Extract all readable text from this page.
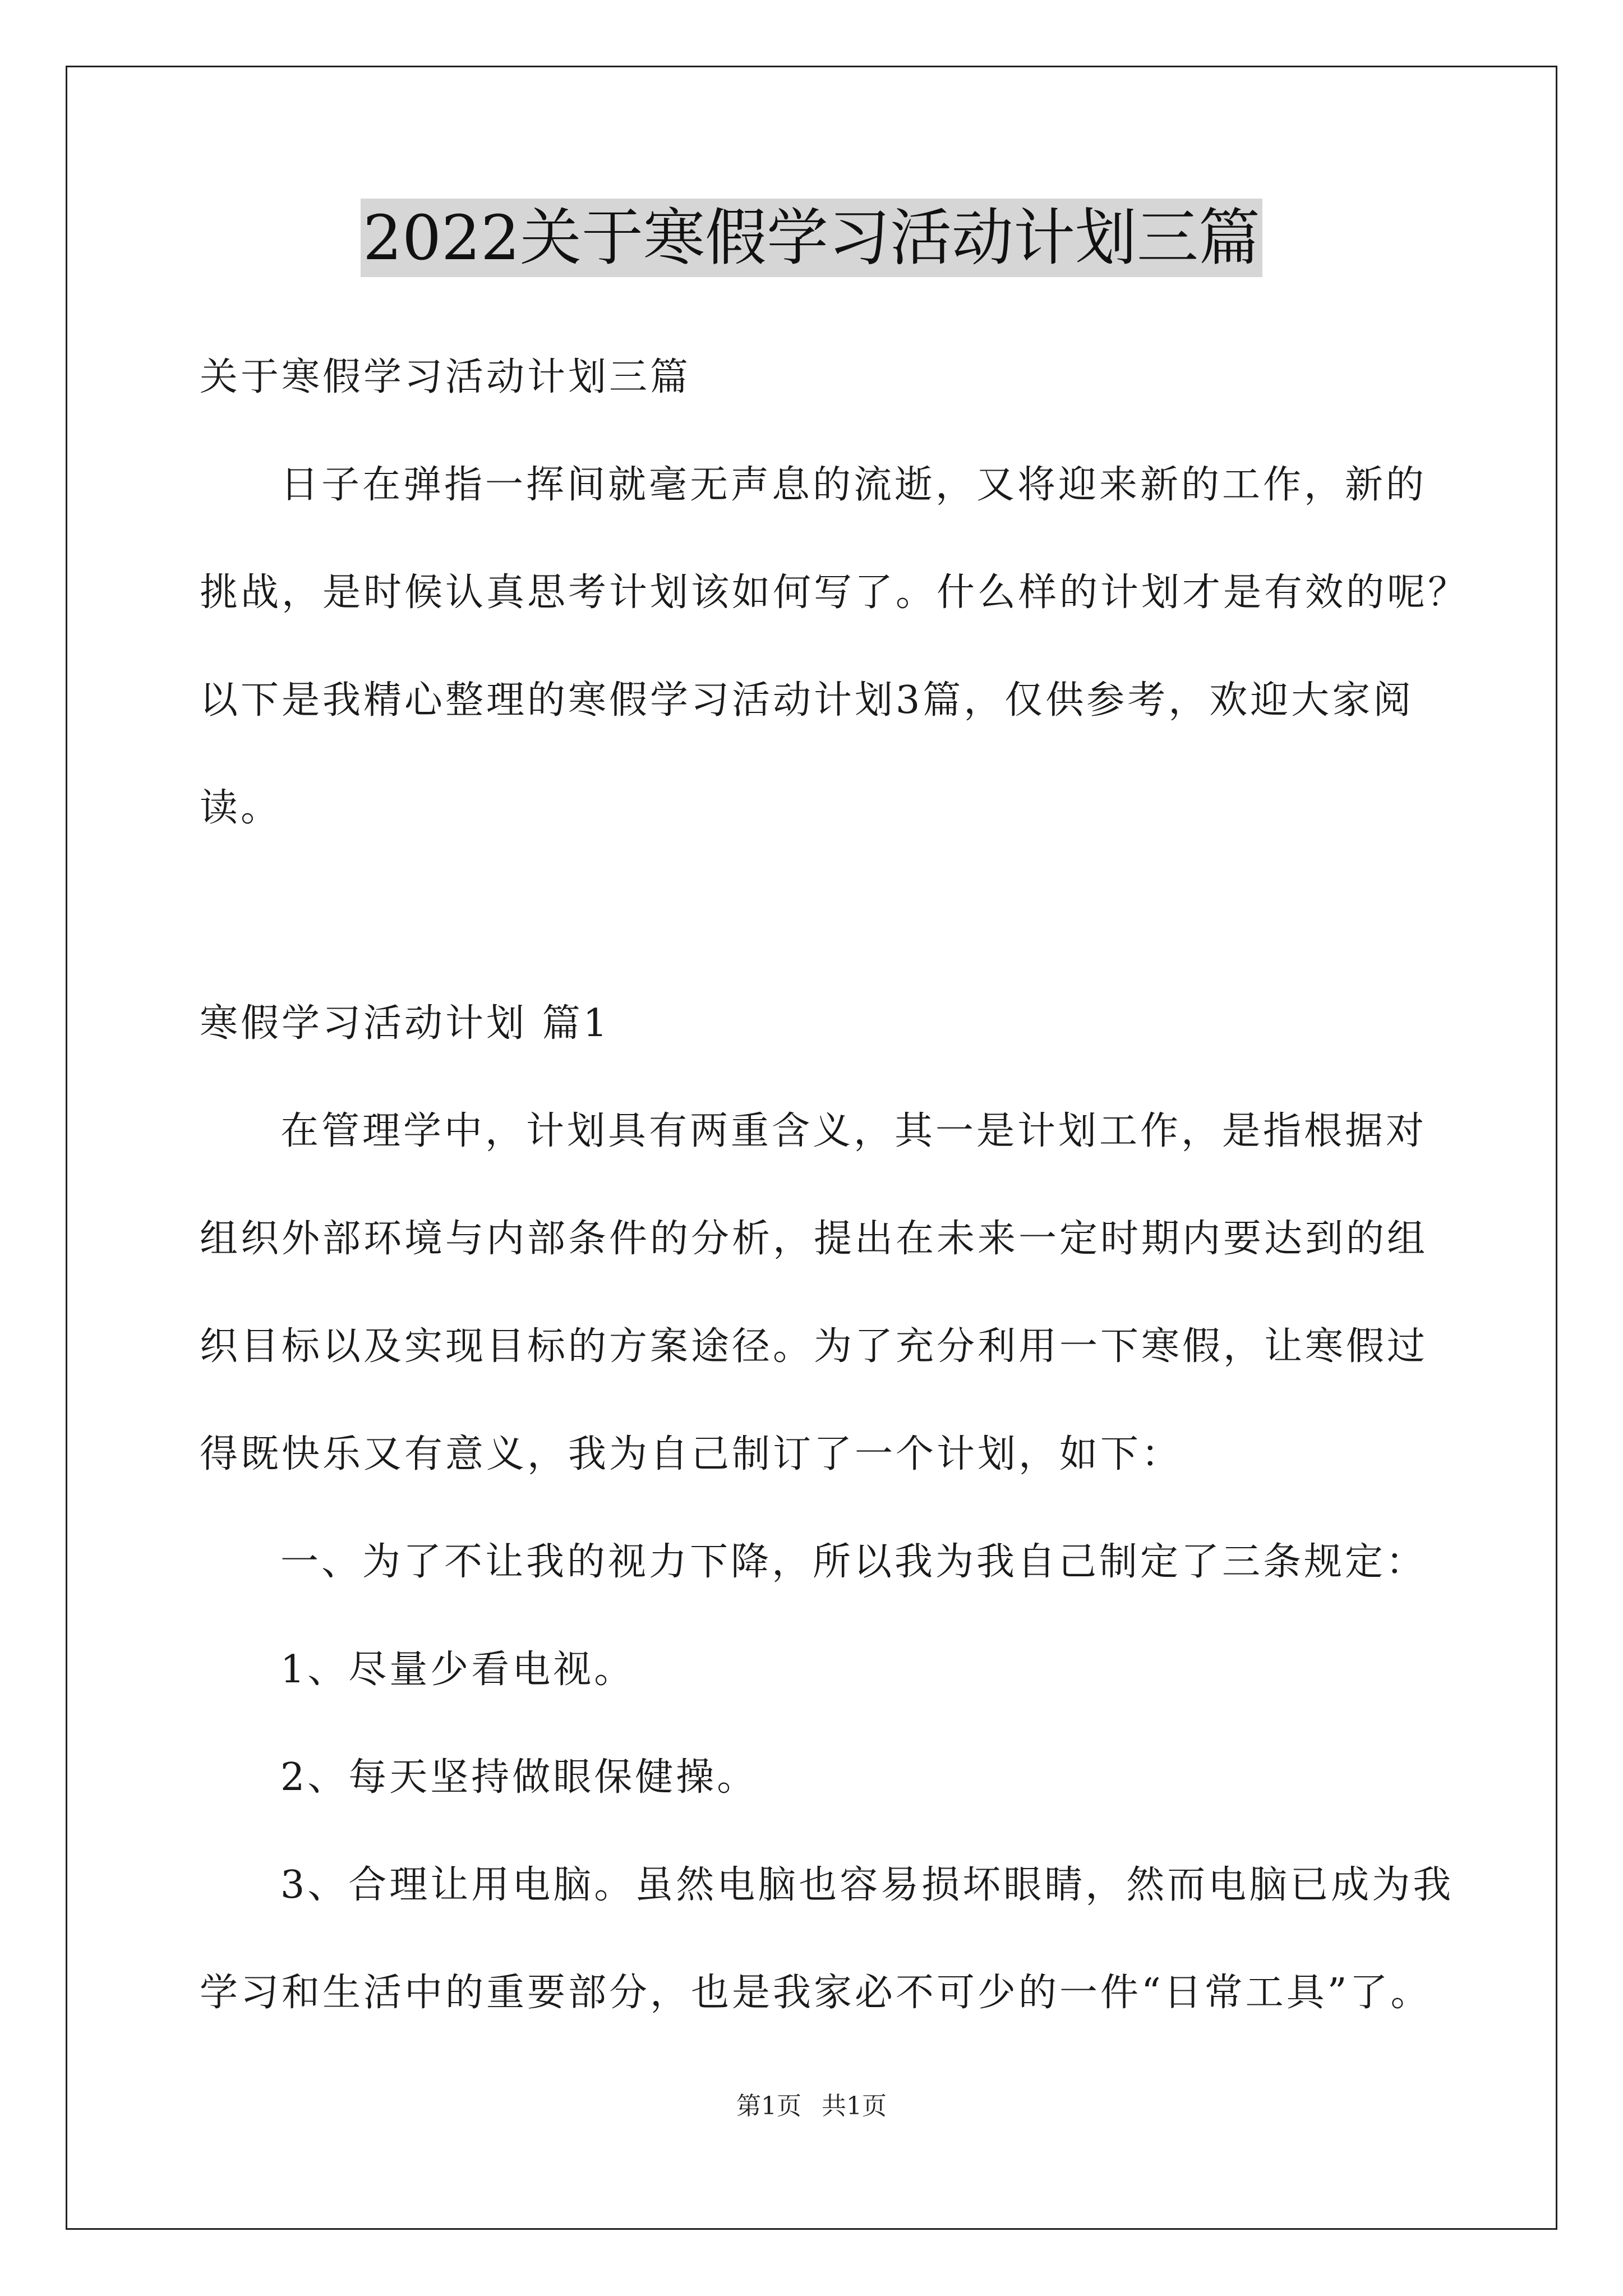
2022关于寒假学习活动计划三篇
关于寒假学习活动计划三篇
日子在弹指一挥间就毫无声息的流逝，又将迎来新的工作，新的
挑战，是时候认真思考计划该如何写了。什么样的计划才是有效的呢？
以下是我精心整理的寒假学习活动计划3篇，仅供参考，欢迎大家阅
读。
寒假学习活动计划 篇1
在管理学中，计划具有两重含义，其一是计划工作，是指根据对
组织外部环境与内部条件的分析，提出在未来一定时期内要达到的组
织目标以及实现目标的方案途径。为了充分利用一下寒假，让寒假过
得既快乐又有意义，我为自己制订了一个计划，如下：
一、为了不让我的视力下降，所以我为我自己制定了三条规定：
1、尽量少看电视。
2、每天坚持做眼保健操。
3、合理让用电脑。虽然电脑也容易损坏眼睛，然而电脑已成为我
学习和生活中的重要部分，也是我家必不可少的一件“日常工具”了。
第1页 共1页
